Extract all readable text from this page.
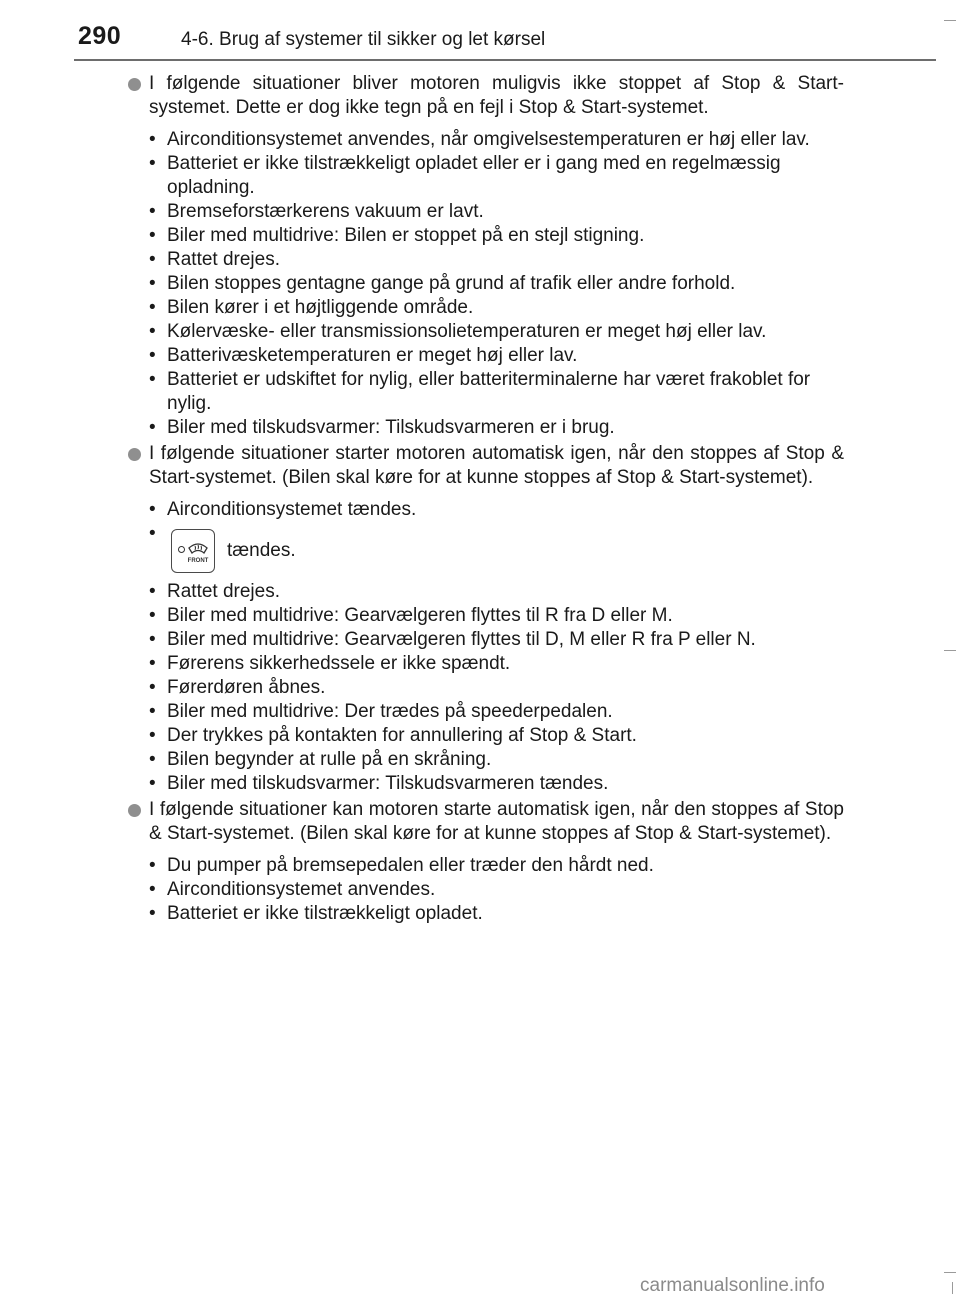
290	4-6. Brug af systemer til sikker og let kørsel

I følgende situationer bliver motoren muligvis ikke stoppet af Stop & Start-systemet. Dette er dog ikke tegn på en fejl i Stop & Start-systemet.

• Airconditionsystemet anvendes, når omgivelsestemperaturen er høj eller lav.
• Batteriet er ikke tilstrækkeligt opladet eller er i gang med en regelmæssig opladning.
• Bremseforstærkerens vakuum er lavt.
• Biler med multidrive: Bilen er stoppet på en stejl stigning.
• Rattet drejes.
• Bilen stoppes gentagne gange på grund af trafik eller andre forhold.
• Bilen kører i et højtliggende område.
• Kølervæske- eller transmissionsolietemperaturen er meget høj eller lav.
• Batterivæsketemperaturen er meget høj eller lav.
• Batteriet er udskiftet for nylig, eller batteriterminalerne har været frakoblet for nylig.
• Biler med tilskudsvarmer: Tilskudsvarmeren er i brug.

I følgende situationer starter motoren automatisk igen, når den stoppes af Stop & Start-systemet. (Bilen skal køre for at kunne stoppes af Stop & Start-systemet).

• Airconditionsystemet tændes.
• FRONT tændes.
• Rattet drejes.
• Biler med multidrive: Gearvælgeren flyttes til R fra D eller M.
• Biler med multidrive: Gearvælgeren flyttes til D, M eller R fra P eller N.
• Førerens sikkerhedssele er ikke spændt.
• Førerdøren åbnes.
• Biler med multidrive: Der trædes på speederpedalen.
• Der trykkes på kontakten for annullering af Stop & Start.
• Bilen begynder at rulle på en skråning.
• Biler med tilskudsvarmer: Tilskudsvarmeren tændes.

I følgende situationer kan motoren starte automatisk igen, når den stoppes af Stop & Start-systemet. (Bilen skal køre for at kunne stoppes af Stop & Start-systemet).

• Du pumper på bremsepedalen eller træder den hårdt ned.
• Airconditionsystemet anvendes.
• Batteriet er ikke tilstrækkeligt opladet.
carmanualsonline.info
